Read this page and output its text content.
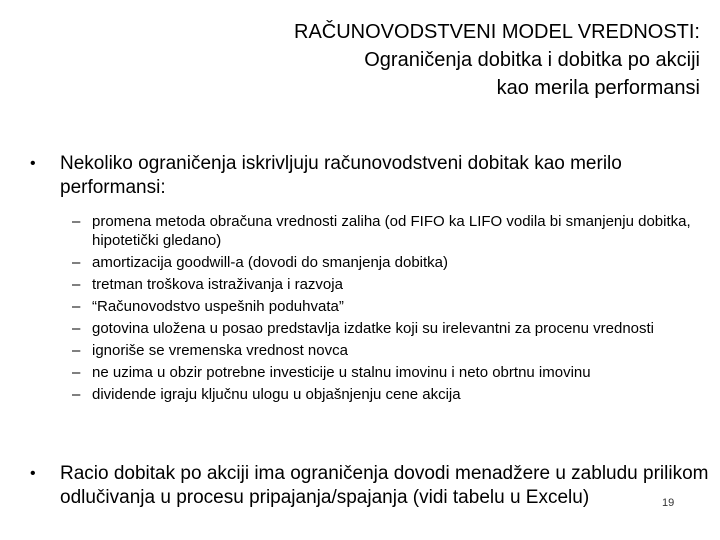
RAČUNOVODSTVENI MODEL VREDNOSTI:
Ograničenja dobitka i dobitka po akciji
kao merila performansi
• Nekoliko ograničenja iskrivljuju računovodstveni dobitak kao merilo performansi:
– promena metoda obračuna vrednosti zaliha (od FIFO ka LIFO vodila bi smanjenju dobitka, hipotetički gledano)
– amortizacija goodwill-a (dovodi do smanjenja dobitka)
– tretman troškova istraživanja i razvoja
– “Računovodstvo uspešnih poduhvata”
– gotovina uložena u posao predstavlja izdatke koji su irelevantni za procenu vrednosti
– ignoriše se vremenska vrednost novca
– ne uzima u obzir potrebne investicije u stalnu imovinu i neto obrtnu imovinu
– dividende igraju ključnu ulogu u objašnjenju cene akcija
• Racio dobitak po akciji ima ograničenja dovodi menadžere u zabludu prilikom odlučivanja u procesu pripajanja/spajanja (vidi tabelu u Excelu)	19
